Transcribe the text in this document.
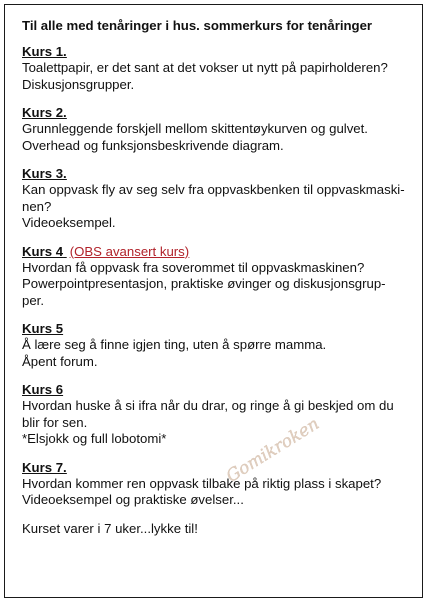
Til alle med tenåringer i hus. sommerkurs for tenåringer
Kurs 1.
Toalettpapir, er det sant at det vokser ut nytt på papirholderen?
Diskusjonsgrupper.
Kurs 2.
Grunnleggende forskjell mellom skittentøykurven og gulvet.
Overhead og funksjonsbeskrivende diagram.
Kurs 3.
Kan oppvask fly av seg selv fra oppvaskbenken til oppvaskmaski-
nen?
Videoeksempel.
Kurs 4 (OBS avansert kurs)
Hvordan få oppvask fra soverommet til oppvaskmaskinen?
Powerpointpresentasjon, praktiske øvinger og diskusjonsgrup-
per.
Kurs 5
Å lære seg å finne igjen ting, uten å spørre mamma.
Åpent forum.
Kurs 6
Hvordan huske å si ifra når du drar, og ringe å gi beskjed om du
blir for sen.
*Elsjokk og full lobotomi*
Kurs 7.
Hvordan kommer ren oppvask tilbake på riktig plass i skapet?
Videoeksempel og praktiske øvelser...
Kurset varer i 7 uker...lykke til!
Gomikroken
